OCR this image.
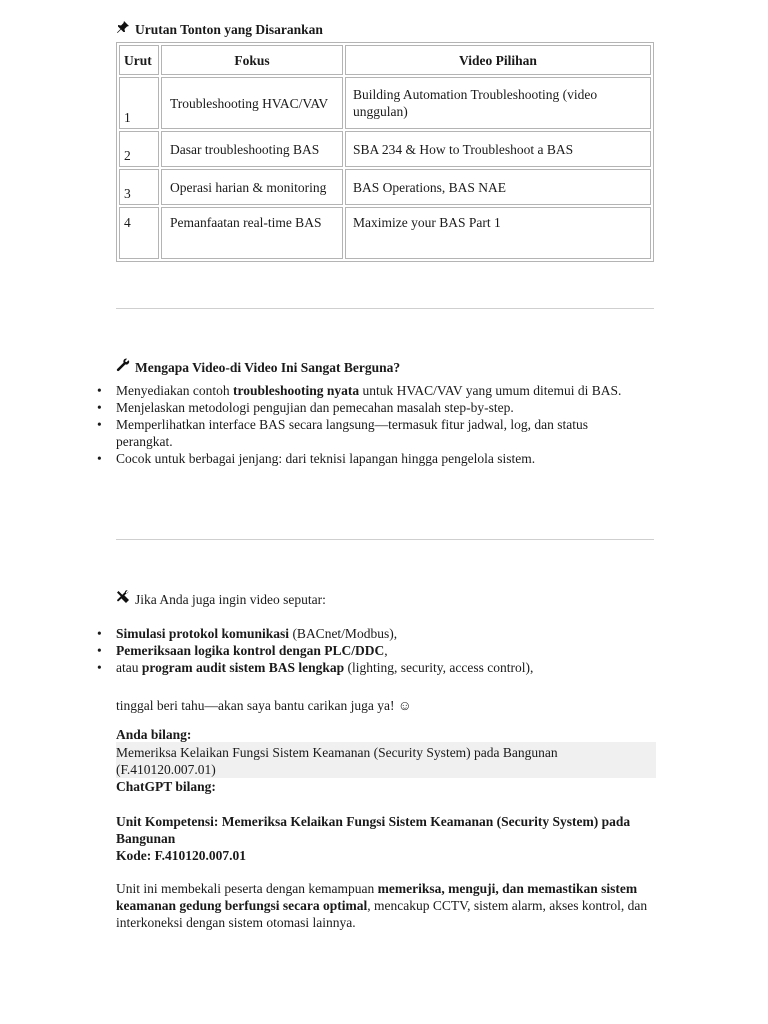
Urutan Tonton yang Disarankan
Urut	Fokus	Video Pilihan
1	Troubleshooting HVAC/VAV	Building Automation Troubleshooting (video unggulan)
2	Dasar troubleshooting BAS	SBA 234 & How to Troubleshoot a BAS
3	Operasi harian & monitoring	BAS Operations, BAS NAE
4	Pemanfaatan real-time BAS	Maximize your BAS Part 1
Mengapa Video-di Video Ini Sangat Berguna?
• Menyediakan contoh troubleshooting nyata untuk HVAC/VAV yang umum ditemui di BAS.
• Menjelaskan metodologi pengujian dan pemecahan masalah step-by-step.
• Memperlihatkan interface BAS secara langsung—termasuk fitur jadwal, log, dan status perangkat.
• Cocok untuk berbagai jenjang: dari teknisi lapangan hingga pengelola sistem.
Jika Anda juga ingin video seputar:
• Simulasi protokol komunikasi (BACnet/Modbus),
• Pemeriksaan logika kontrol dengan PLC/DDC,
• atau program audit sistem BAS lengkap (lighting, security, access control),
tinggal beri tahu—akan saya bantu carikan juga ya! ☺
Anda bilang:
Memeriksa Kelaikan Fungsi Sistem Keamanan (Security System) pada Bangunan (F.410120.007.01)
ChatGPT bilang:
Unit Kompetensi: Memeriksa Kelaikan Fungsi Sistem Keamanan (Security System) pada Bangunan
Kode: F.410120.007.01
Unit ini membekali peserta dengan kemampuan memeriksa, menguji, dan memastikan sistem keamanan gedung berfungsi secara optimal, mencakup CCTV, sistem alarm, akses kontrol, dan interkoneksi dengan sistem otomasi lainnya.
